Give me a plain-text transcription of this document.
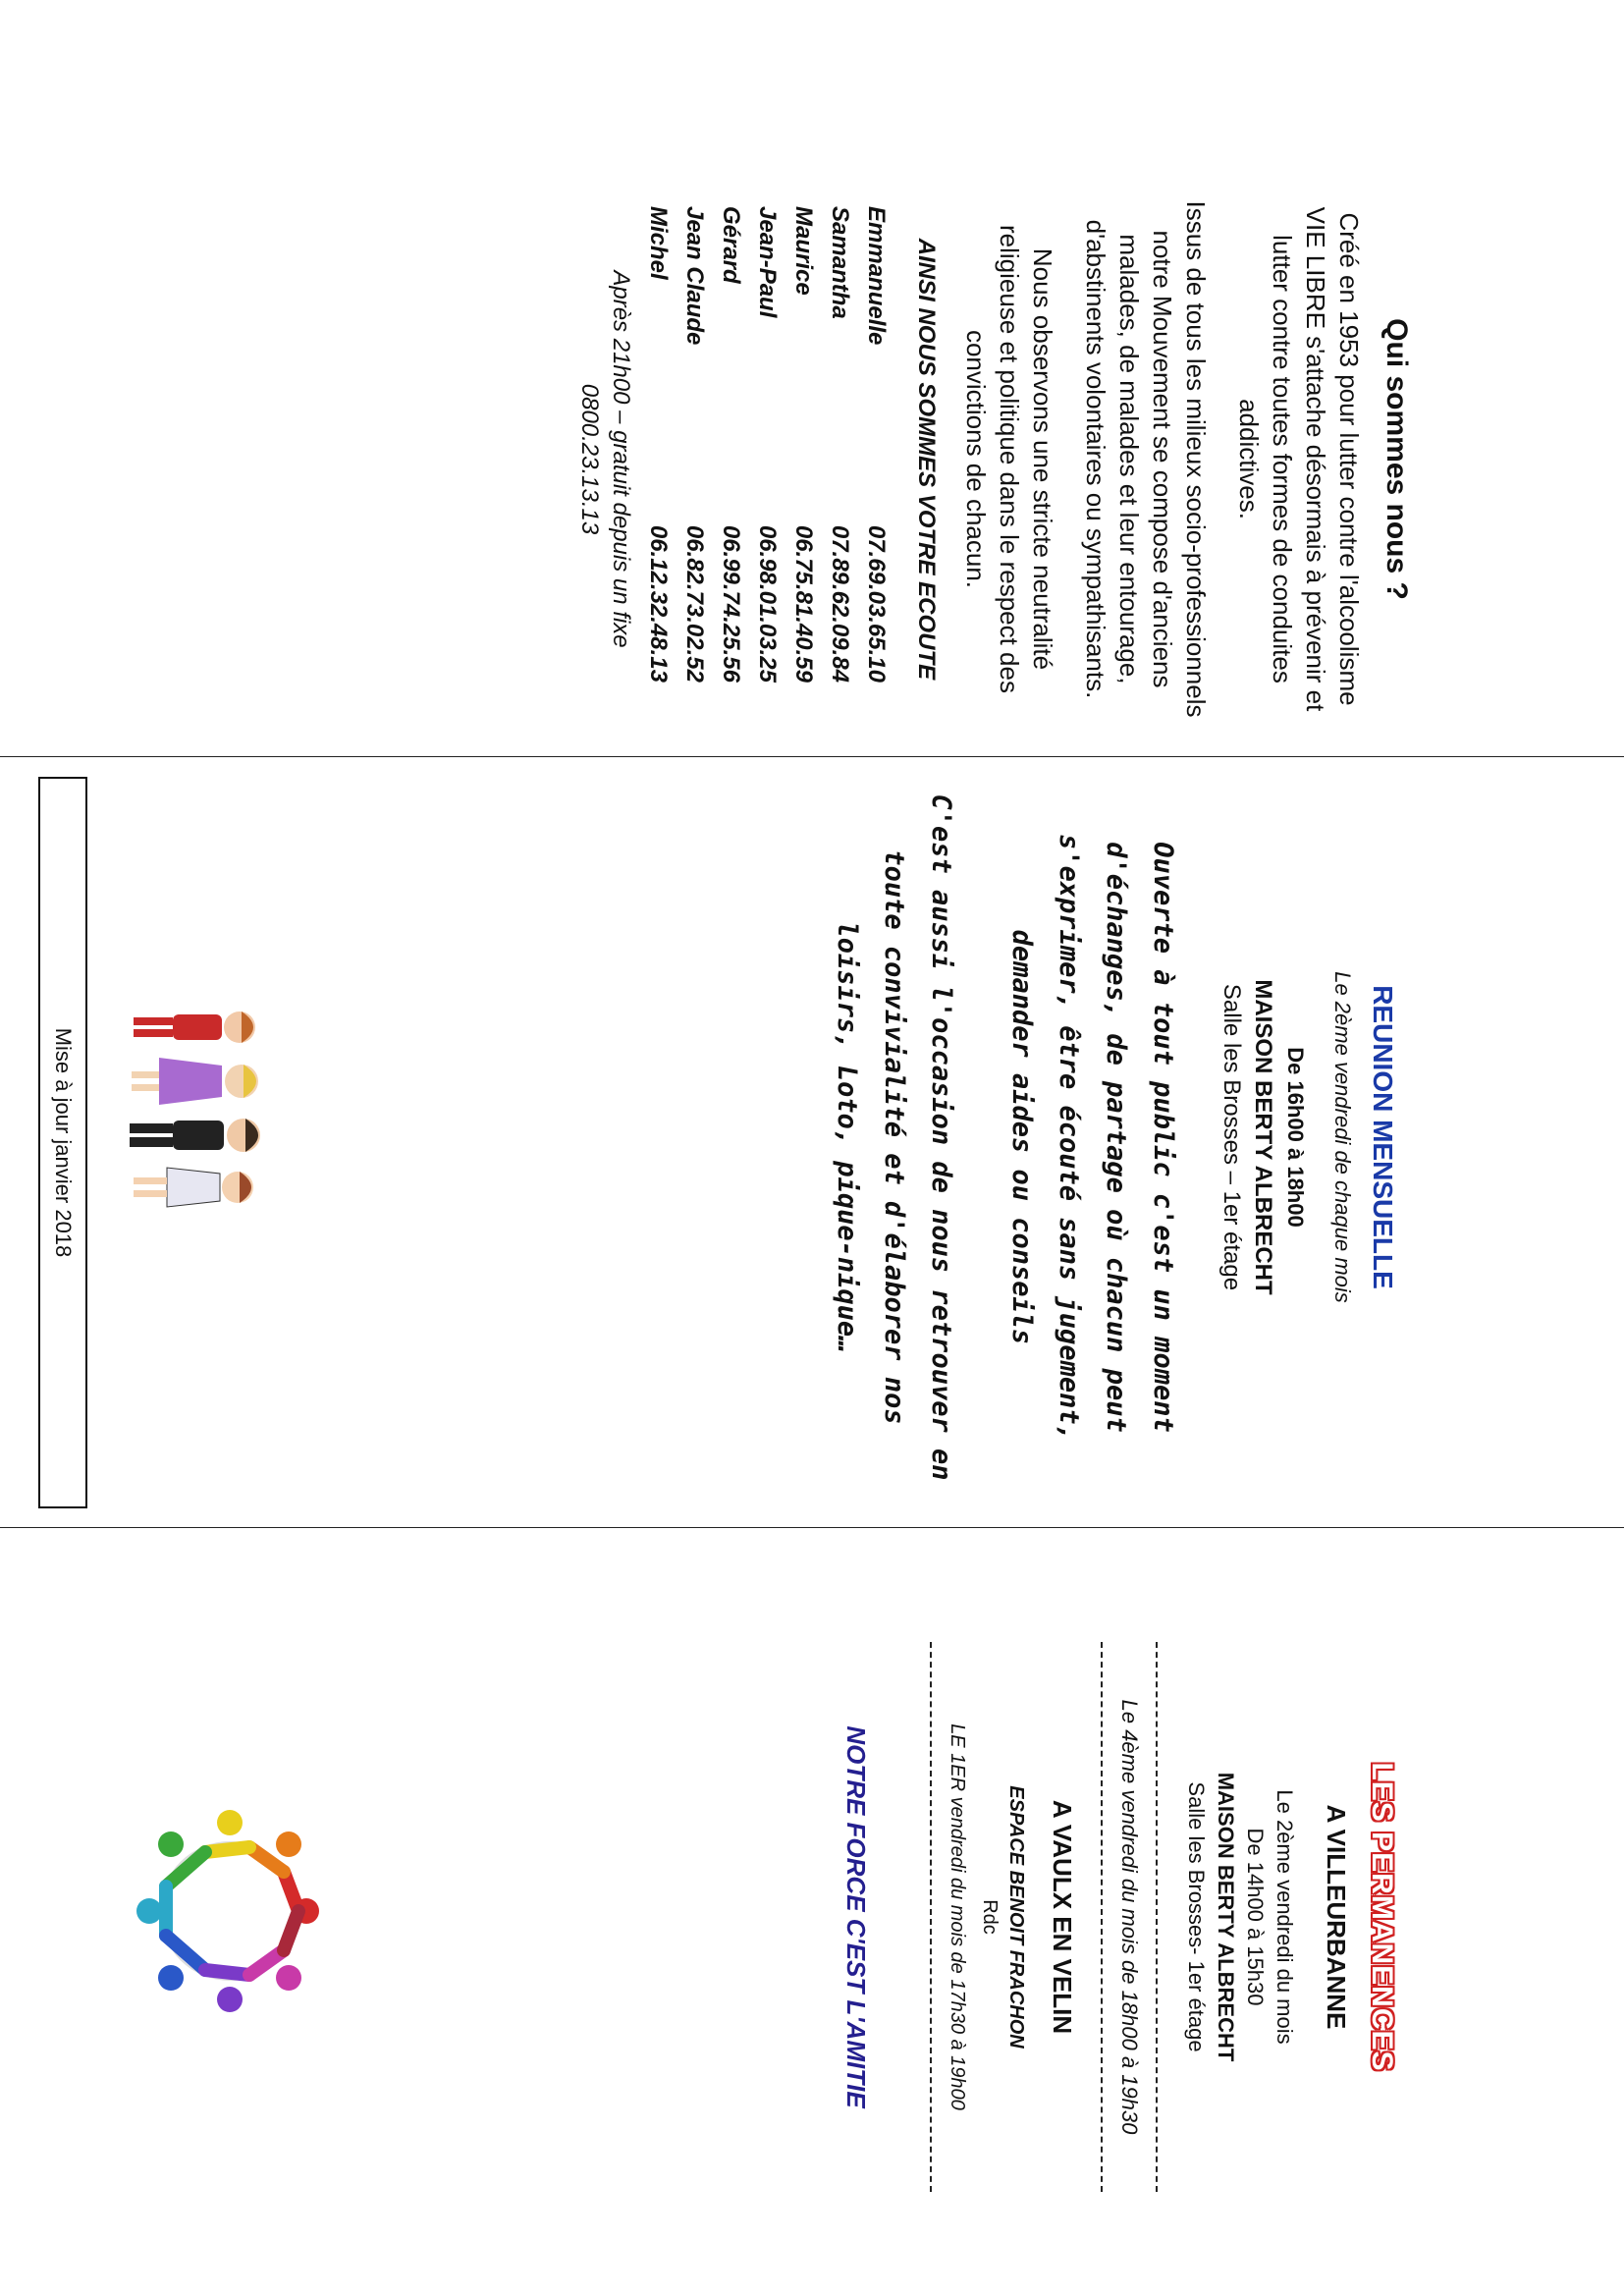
Qui sommes nous ?

Créé en 1953 pour lutter contre l'alcoolisme VIE LIBRE s'attache désormais à prévenir et lutter contre toutes formes de conduites addictives.

Issus de tous les milieux socio-professionnels notre Mouvement se compose d'anciens malades, de malades et leur entourage, d'abstinents volontaires ou sympathisants.

Nous observons une stricte neutralité religieuse et politique dans le respect des convictions de chacun.

AINSI NOUS SOMMES VOTRE ECOUTE
Emmanuelle
07.69.03.65.10
Samantha
07.89.62.09.84
Maurice
06.75.81.40.59
Jean-Paul
06.98.01.03.25
Gérard
06.99.74.25.56
Jean Claude
06.82.73.02.52
Michel
06.12.32.48.13
Après 21h00 – gratuit depuis un fixe
0800.23.13.13
REUNION MENSUELLE
Le 2ème vendredi de chaque mois
De 16h00 à 18h00
MAISON BERTY ALBRECHT
Salle les Brosses – 1er étage
Ouverte à tout public c'est un moment d'échanges, de partage où chacun peut s'exprimer, être écouté sans jugement, demander aides ou conseils
C'est aussi l'occasion de nous retrouver en toute convivialité et d'élaborer nos loisirs, Loto, pique-nique…
Mise à jour janvier 2018
LES PERMANENCES
A VILLEURBANNE
Le 2ème vendredi du mois
De 14h00 à 15h30
MAISON BERTY ALBRECHT
Salle les Brosses- 1er étage
Le 4ème vendredi du mois de 18h00 à 19h30
A VAULX EN VELIN
ESPACE BENOIT FRACHON
Rdc
LE 1ER vendredi du mois de 17h30 à 19h00
NOTRE FORCE C'EST L'AMITIE
